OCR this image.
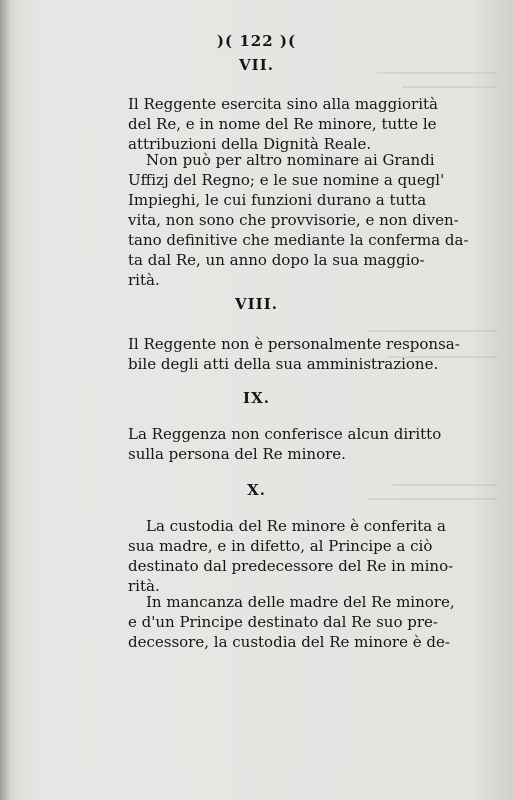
)( 122 )(
VII.
Il Reggente esercita sino alla maggiorità
del Re, e in nome del Re minore, tutte le
attribuzioni della Dignità Reale.
Non può per altro nominare ai Grandi
Uffizj del Regno; e le sue nomine a quegl'
Impieghi, le cui funzioni durano a tutta
vita, non sono che provvisorie, e non diven-
tano definitive che mediante la conferma da-
ta dal Re, un anno dopo la sua maggio-
rità.
VIII.
Il Reggente non è personalmente responsa-
bile degli atti della sua amministrazione.
IX.
La Reggenza non conferisce alcun diritto
sulla persona del Re minore.
X.
La custodia del Re minore è conferita a
sua madre, e in difetto, al Principe a ciò
destinato dal predecessore del Re in mino-
rità.
In mancanza delle madre del Re minore,
e d'un Principe destinato dal Re suo pre-
decessore, la custodia del Re minore è de-
